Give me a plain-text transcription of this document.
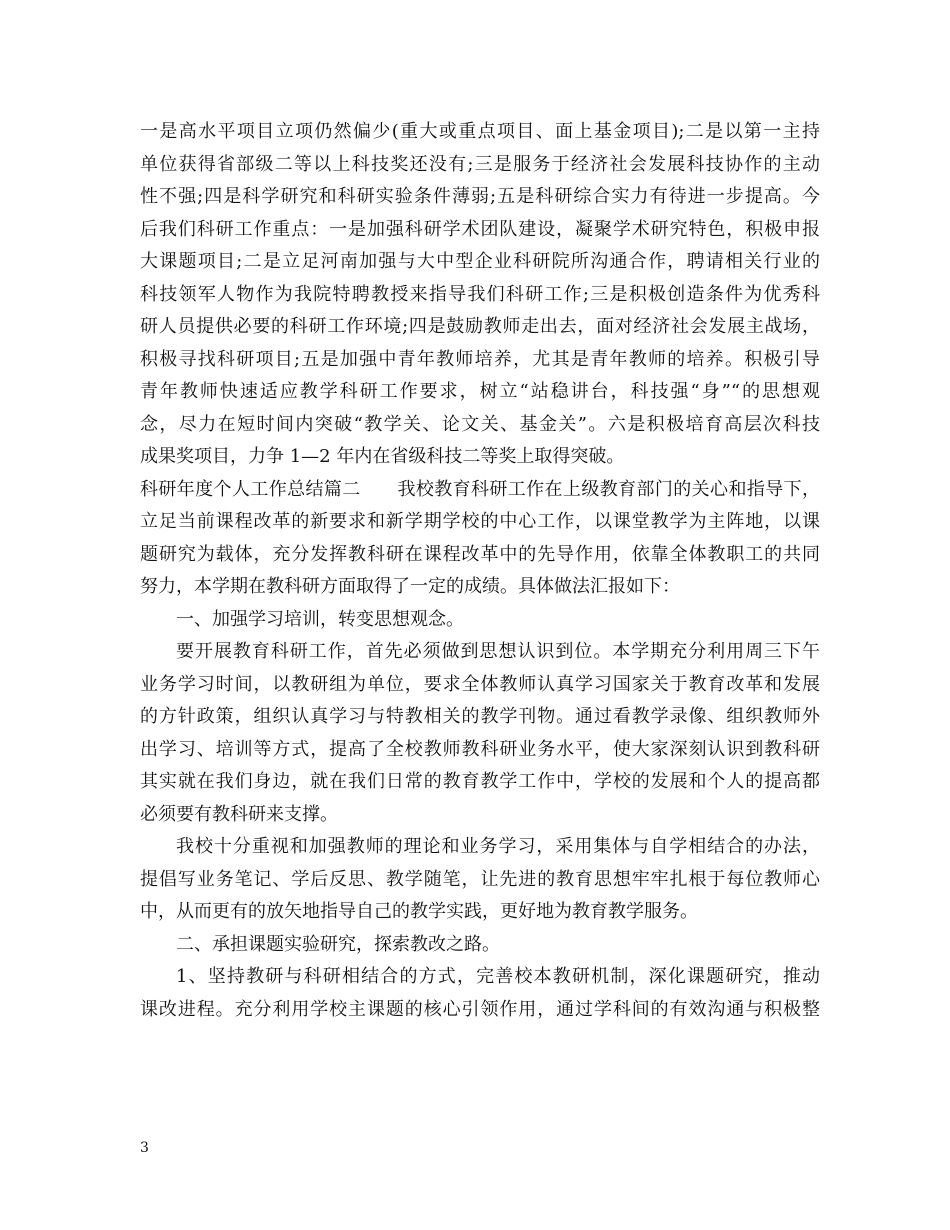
一是高水平项目立项仍然偏少(重大或重点项目、面上基金项目);二是以第一主持
单位获得省部级二等以上科技奖还没有;三是服务于经济社会发展科技协作的主动
性不强;四是科学研究和科研实验条件薄弱;五是科研综合实力有待进一步提高。今
后我们科研工作重点：一是加强科研学术团队建设，凝聚学术研究特色，积极申报
大课题项目;二是立足河南加强与大中型企业科研院所沟通合作，聘请相关行业的
科技领军人物作为我院特聘教授来指导我们科研工作;三是积极创造条件为优秀科
研人员提供必要的科研工作环境;四是鼓励教师走出去，面对经济社会发展主战场，
积极寻找科研项目;五是加强中青年教师培养，尤其是青年教师的培养。积极引导
青年教师快速适应教学科研工作要求，树立“站稳讲台，科技强“身”“的思想观
念，尽力在短时间内突破“教学关、论文关、基金关”。六是积极培育高层次科技
成果奖项目，力争 1—2 年内在省级科技二等奖上取得突破。
科研年度个人工作总结篇二　　我校教育科研工作在上级教育部门的关心和指导下，
立足当前课程改革的新要求和新学期学校的中心工作，以课堂教学为主阵地，以课
题研究为载体，充分发挥教科研在课程改革中的先导作用，依靠全体教职工的共同
努力，本学期在教科研方面取得了一定的成绩。具体做法汇报如下：
一、加强学习培训，转变思想观念。
要开展教育科研工作，首先必须做到思想认识到位。本学期充分利用周三下午
业务学习时间，以教研组为单位，要求全体教师认真学习国家关于教育改革和发展
的方针政策，组织认真学习与特教相关的教学刊物。通过看教学录像、组织教师外
出学习、培训等方式，提高了全校教师教科研业务水平，使大家深刻认识到教科研
其实就在我们身边，就在我们日常的教育教学工作中，学校的发展和个人的提高都
必须要有教科研来支撑。
我校十分重视和加强教师的理论和业务学习，采用集体与自学相结合的办法，
提倡写业务笔记、学后反思、教学随笔，让先进的教育思想牢牢扎根于每位教师心
中，从而更有的放矢地指导自己的教学实践，更好地为教育教学服务。
二、承担课题实验研究，探索教改之路。
1、坚持教研与科研相结合的方式，完善校本教研机制，深化课题研究，推动
课改进程。充分利用学校主课题的核心引领作用，通过学科间的有效沟通与积极整
3
